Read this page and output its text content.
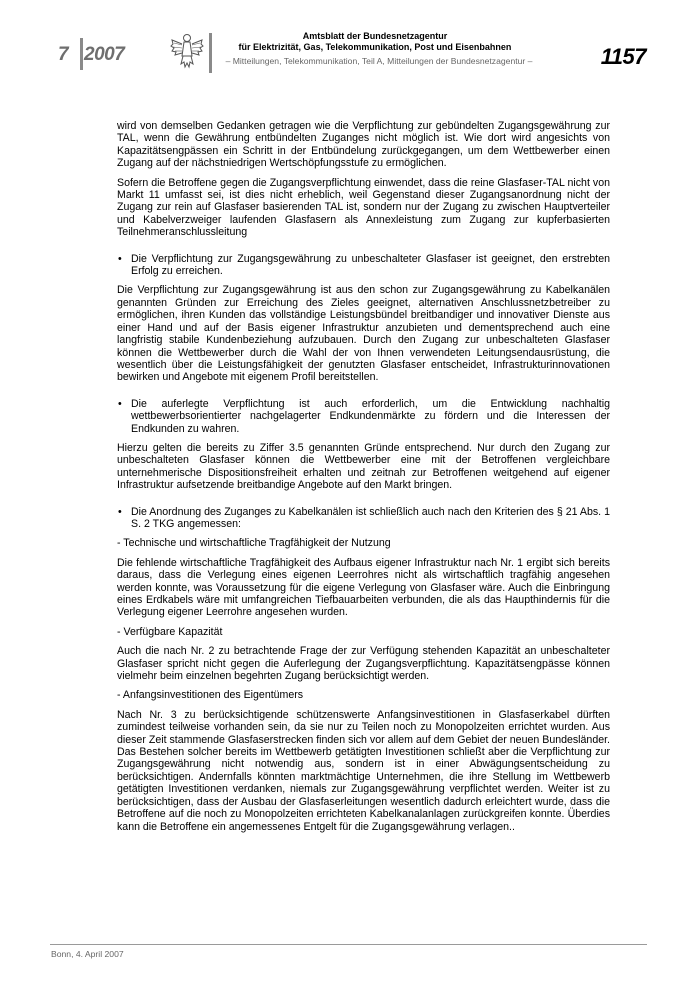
7 2007
Amtsblatt der Bundesnetzagentur
für Elektrizität, Gas, Telekommunikation, Post und Eisenbahnen
– Mitteilungen, Telekommunikation, Teil A, Mitteilungen der Bundesnetzagentur –	1157

wird von demselben Gedanken getragen wie die Verpflichtung zur gebündelten Zugangsgewährung zur TAL, wenn die Gewährung entbündelten Zuganges nicht möglich ist. Wie dort wird angesichts von Kapazitätsengpässen ein Schritt in der Entbündelung zurückgegangen, um dem Wettbewerber einen Zugang auf der nächstniedrigen Wertschöpfungsstufe zu ermöglichen.

Sofern die Betroffene gegen die Zugangsverpflichtung einwendet, dass die reine Glasfaser-TAL nicht von Markt 11 umfasst sei, ist dies nicht erheblich, weil Gegenstand dieser Zugangsanordnung nicht der Zugang zur rein auf Glasfaser basierenden TAL ist, sondern nur der Zugang zu zwischen Hauptverteiler und Kabelverzweiger laufenden Glasfasern als Annexleistung zum Zugang zur kupferbasierten Teilnehmeranschlussleitung

• Die Verpflichtung zur Zugangsgewährung zu unbeschalteter Glasfaser ist geeignet, den erstrebten Erfolg zu erreichen.

Die Verpflichtung zur Zugangsgewährung ist aus den schon zur Zugangsgewährung zu Kabelkanälen genannten Gründen zur Erreichung des Zieles geeignet, alternativen Anschlussnetzbetreiber zu ermöglichen, ihren Kunden das vollständige Leistungsbündel breitbandiger und innovativer Dienste aus einer Hand und auf der Basis eigener Infrastruktur anzubieten und dementsprechend auch eine langfristig stabile Kundenbeziehung aufzubauen. Durch den Zugang zur unbeschalteten Glasfaser können die Wettbewerber durch die Wahl der von Ihnen verwendeten Leitungsendausrüstung, die wesentlich über die Leistungsfähigkeit der genutzten Glasfaser entscheidet, Infrastrukturinnovationen bewirken und Angebote mit eigenem Profil bereitstellen.

• Die auferlegte Verpflichtung ist auch erforderlich, um die Entwicklung nachhaltig wettbewerbsorientierter nachgelagerter Endkundenmärkte zu fördern und die Interessen der Endkunden zu wahren.

Hierzu gelten die bereits zu Ziffer 3.5 genannten Gründe entsprechend. Nur durch den Zugang zur unbeschalteten Glasfaser können die Wettbewerber eine mit der Betroffenen vergleichbare unternehmerische Dispositionsfreiheit erhalten und zeitnah zur Betroffenen weitgehend auf eigener Infrastruktur aufsetzende breitbandige Angebote auf den Markt bringen.

• Die Anordnung des Zuganges zu Kabelkanälen ist schließlich auch nach den Kriterien des § 21 Abs. 1 S. 2 TKG angemessen:

- Technische und wirtschaftliche Tragfähigkeit der Nutzung

Die fehlende wirtschaftliche Tragfähigkeit des Aufbaus eigener Infrastruktur nach Nr. 1 ergibt sich bereits daraus, dass die Verlegung eines eigenen Leerrohres nicht als wirtschaftlich tragfähig angesehen werden konnte, was Voraussetzung für die eigene Verlegung von Glasfaser wäre. Auch die Einbringung eines Erdkabels wäre mit umfangreichen Tiefbauarbeiten verbunden, die als das Haupthindernis für die Verlegung eigener Leerrohre angesehen wurden.

- Verfügbare Kapazität

Auch die nach Nr. 2 zu betrachtende Frage der zur Verfügung stehenden Kapazität an unbeschalteter Glasfaser spricht nicht gegen die Auferlegung der Zugangsverpflichtung. Kapazitätsengpässe können vielmehr beim einzelnen begehrten Zugang berücksichtigt werden.

- Anfangsinvestitionen des Eigentümers

Nach Nr. 3 zu berücksichtigende schützenswerte Anfangsinvestitionen in Glasfaserkabel dürften zumindest teilweise vorhanden sein, da sie nur zu Teilen noch zu Monopolzeiten errichtet wurden. Aus dieser Zeit stammende Glasfaserstrecken finden sich vor allem auf dem Gebiet der neuen Bundesländer. Das Bestehen solcher bereits im Wettbewerb getätigten Investitionen schließt aber die Verpflichtung zur Zugangsgewährung nicht notwendig aus, sondern ist in einer Abwägungsentscheidung zu berücksichtigen. Andernfalls könnten marktmächtige Unternehmen, die ihre Stellung im Wettbewerb getätigten Investitionen verdanken, niemals zur Zugangsgewährung verpflichtet werden. Weiter ist zu berücksichtigen, dass der Ausbau der Glasfaserleitungen wesentlich dadurch erleichtert wurde, dass die Betroffene auf die noch zu Monopolzeiten errichteten Kabelkanalanlagen zurückgreifen konnte. Überdies kann die Betroffene ein angemessenes Entgelt für die Zugangsgewährung verlagen..

Bonn, 4. April 2007
